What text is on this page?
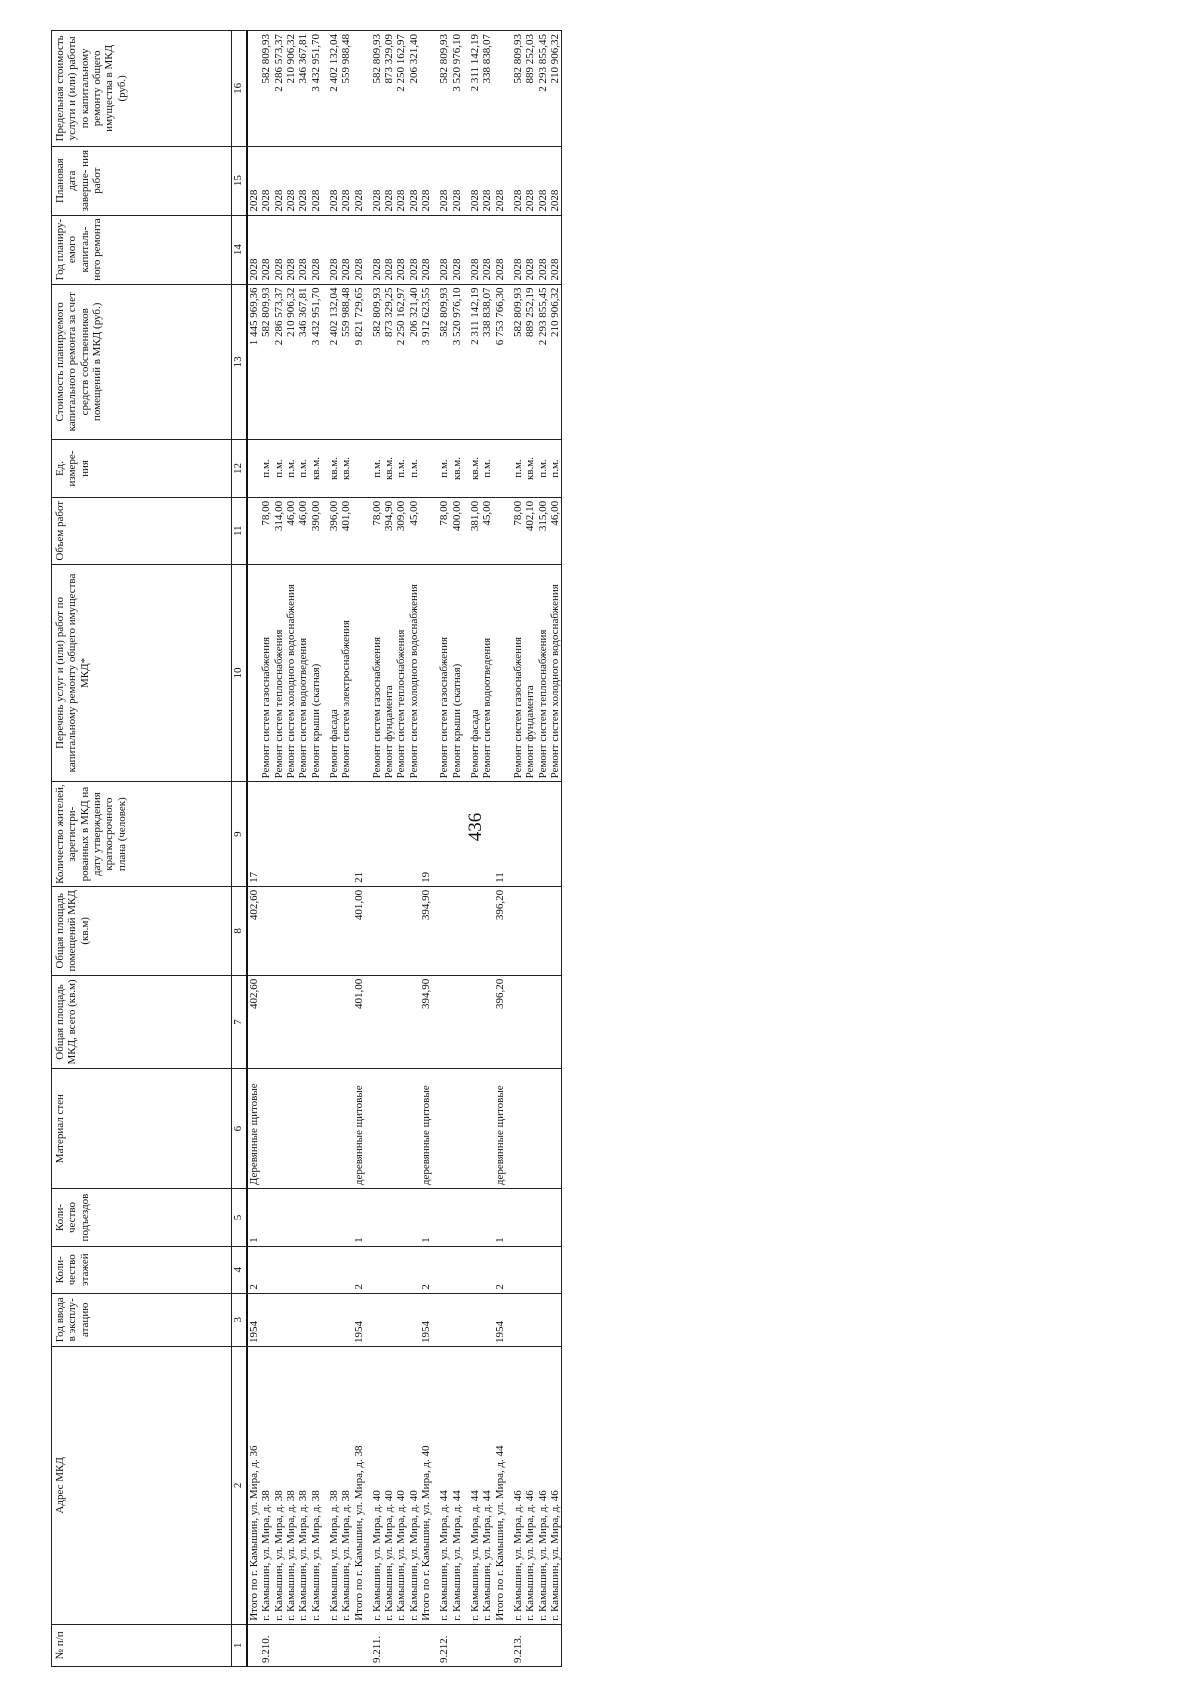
436
№ п/п	Адрес МКД	Год ввода в эксплу- атацию	Коли- чество этажей	Коли- чество подъездов	Материал стен	Общая площадь МКД, всего (кв.м)	Общая площадь помещений МКД (кв.м)	Количество жителей, зарегистри- рованных в МКД на дату утверждения краткосрочного плана (человек)	Перечень услуг и (или) работ по капитальному ремонту общего имущества МКД*	Объем работ	Ед. измере- ния	Стоимость планируемого капитального ремонта за счет средств собственников помещений в МКД (руб.)	Год планиру- емого капиталь- ного ремонта	Плановая дата заверше- ния работ	Предельная стоимость услуги и (или) работы по капитальному ремонту общего имущества в МКД (руб.)
1	2	3	4	5	6	7	8	9	10	11	12	13	14	15	16
	Итого по г. Камышин, ул. Мира, д. 36	1954	2	1	Деревянные щитовые	402,60	402,60	17				1 445 969,36	2028	2028	
9.210.	г. Камышин, ул. Мира, д. 38								Ремонт систем газоснабжения	78,00	п.м.	582 809,93	2028	2028	582 809,93
	г. Камышин, ул. Мира, д. 38								Ремонт систем теплоснабжения	314,00	п.м.	2 286 573,37	2028	2028	2 286 573,37
	г. Камышин, ул. Мира, д. 38								Ремонт систем холодного водоснабжения	46,00	п.м.	210 906,32	2028	2028	210 906,32
	г. Камышин, ул. Мира, д. 38								Ремонт систем водоотведения	46,00	п.м.	346 367,81	2028	2028	346 367,81
	г. Камышин, ул. Мира, д. 38								Ремонт крыши (скатная)	390,00	кв.м.	3 432 951,70	2028	2028	3 432 951,70

	г. Камышин, ул. Мира, д. 38								Ремонт фасада	396,00	кв.м.	2 402 132,04	2028	2028	2 402 132,04
	г. Камышин, ул. Мира, д. 38								Ремонт систем электроснабжения	401,00	кв.м.	559 988,48	2028	2028	559 988,48
	Итого по г. Камышин, ул. Мира, д. 38	1954	2	1	деревянные щитовые	401,00	401,00	21				9 821 729,65	2028	2028	

9.211.	г. Камышин, ул. Мира, д. 40								Ремонт систем газоснабжения	78,00	п.м.	582 809,93	2028	2028	582 809,93
	г. Камышин, ул. Мира, д. 40								Ремонт фундамента	394,90	кв.м.	873 329,25	2028	2028	873 329,09
	г. Камышин, ул. Мира, д. 40								Ремонт систем теплоснабжения	309,00	п.м.	2 250 162,97	2028	2028	2 250 162,97
	г. Камышин, ул. Мира, д. 40								Ремонт систем холодного водоснабжения	45,00	п.м.	206 321,40	2028	2028	206 321,40
	Итого по г. Камышин, ул. Мира, д. 40	1954	2	1	деревянные щитовые	394,90	394,90	19				3 912 623,55	2028	2028	

9.212.	г. Камышин, ул. Мира, д. 44								Ремонт систем газоснабжения	78,00	п.м.	582 809,93	2028	2028	582 809,93
	г. Камышин, ул. Мира, д. 44								Ремонт крыши (скатная)	400,00	кв.м.	3 520 976,10	2028	2028	3 520 976,10

	г. Камышин, ул. Мира, д. 44								Ремонт фасада	381,00	кв.м.	2 311 142,19	2028	2028	2 311 142,19
	г. Камышин, ул. Мира, д. 44								Ремонт систем водоотведения	45,00	п.м.	338 838,07	2028	2028	338 838,07
	Итого по г. Камышин, ул. Мира, д. 44	1954	2	1	деревянные щитовые	396,20	396,20	11				6 753 766,30	2028	2028	

9.213.	г. Камышин, ул. Мира, д. 46								Ремонт систем газоснабжения	78,00	п.м.	582 809,93	2028	2028	582 809,93
	г. Камышин, ул. Мира, д. 46								Ремонт фундамента	402,10	кв.м.	889 252,19	2028	2028	889 252,03
	г. Камышин, ул. Мира, д. 46								Ремонт систем теплоснабжения	315,00	п.м.	2 293 855,45	2028	2028	2 293 855,45
	г. Камышин, ул. Мира, д. 46								Ремонт систем холодного водоснабжения	46,00	п.м.	210 906,32	2028	2028	210 906,32
